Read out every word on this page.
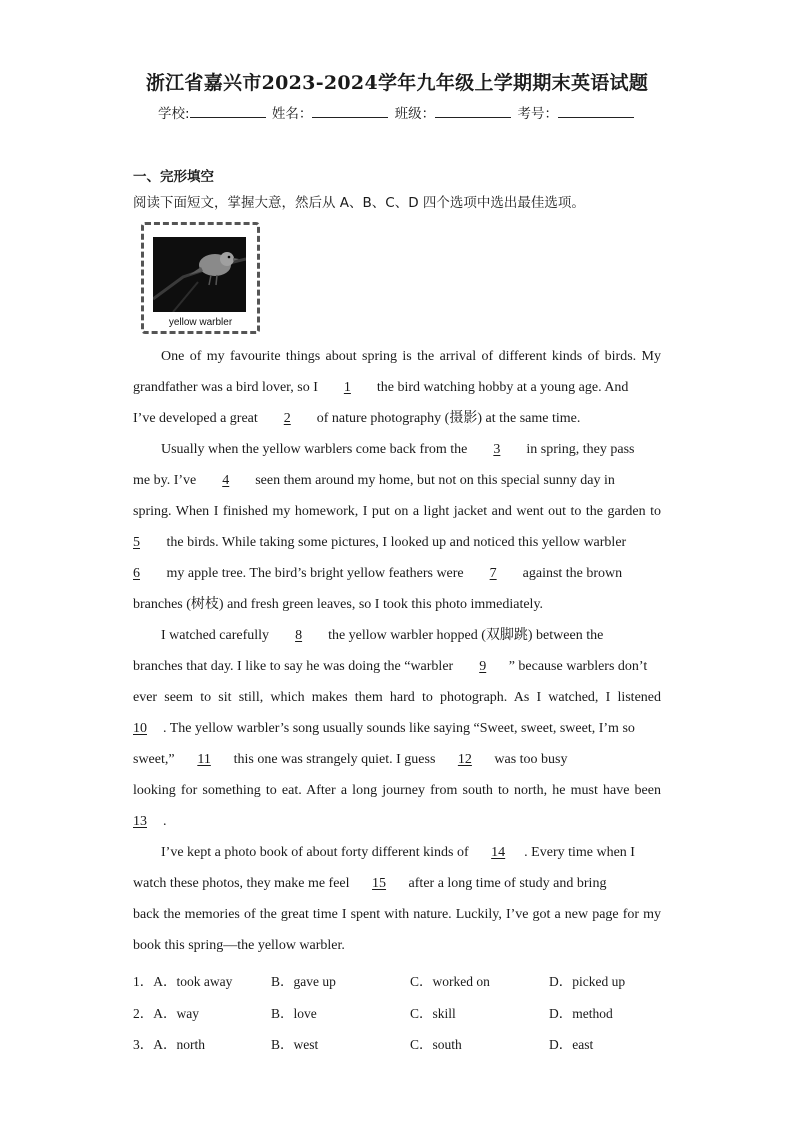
浙江省嘉兴市2023-2024学年九年级上学期期末英语试题
学校:	姓名：	班级：	考号：
一、完形填空
阅读下面短文，掌握大意，然后从 A、B、C、D 四个选项中选出最佳选项。
yellow warbler
One of my favourite things about spring is the arrival of different kinds of birds. My
grandfather was a bird lover, so I 1 the bird watching hobby at a young age. And
I’ve developed a great 2 of nature photography (摄影) at the same time.
Usually when the yellow warblers come back from the 3 in spring, they pass
me by. I’ve 4 seen them around my home, but not on this special sunny day in
spring. When I finished my homework, I put on a light jacket and went out to the garden to
5 the birds. While taking some pictures, I looked up and noticed this yellow warbler
6 my apple tree. The bird’s bright yellow feathers were 7 against the brown
branches (树枝) and fresh green leaves, so I took this photo immediately.
I watched carefully 8 the yellow warbler hopped (双脚跳) between the
branches that day. I like to say he was doing the “warbler 9 ” because warblers don’t
ever seem to sit still, which makes them hard to photograph. As I watched, I listened
10 . The yellow warbler’s song usually sounds like saying “Sweet, sweet, sweet, I’m so
sweet,” 11 this one was strangely quiet. I guess 12 was too busy
looking for something to eat. After a long journey from south to north, he must have been
13 .
I’ve kept a photo book of about forty different kinds of 14 . Every time when I
watch these photos, they make me feel 15 after a long time of study and bring
back the memories of the great time I spent with nature. Luckily, I’ve got a new page for my
book this spring—the yellow warbler.
1．A．took away	B．gave up	C．worked on	D．picked up
2．A．way	B．love	C．skill	D．method
3．A．north	B．west	C．south	D．east
